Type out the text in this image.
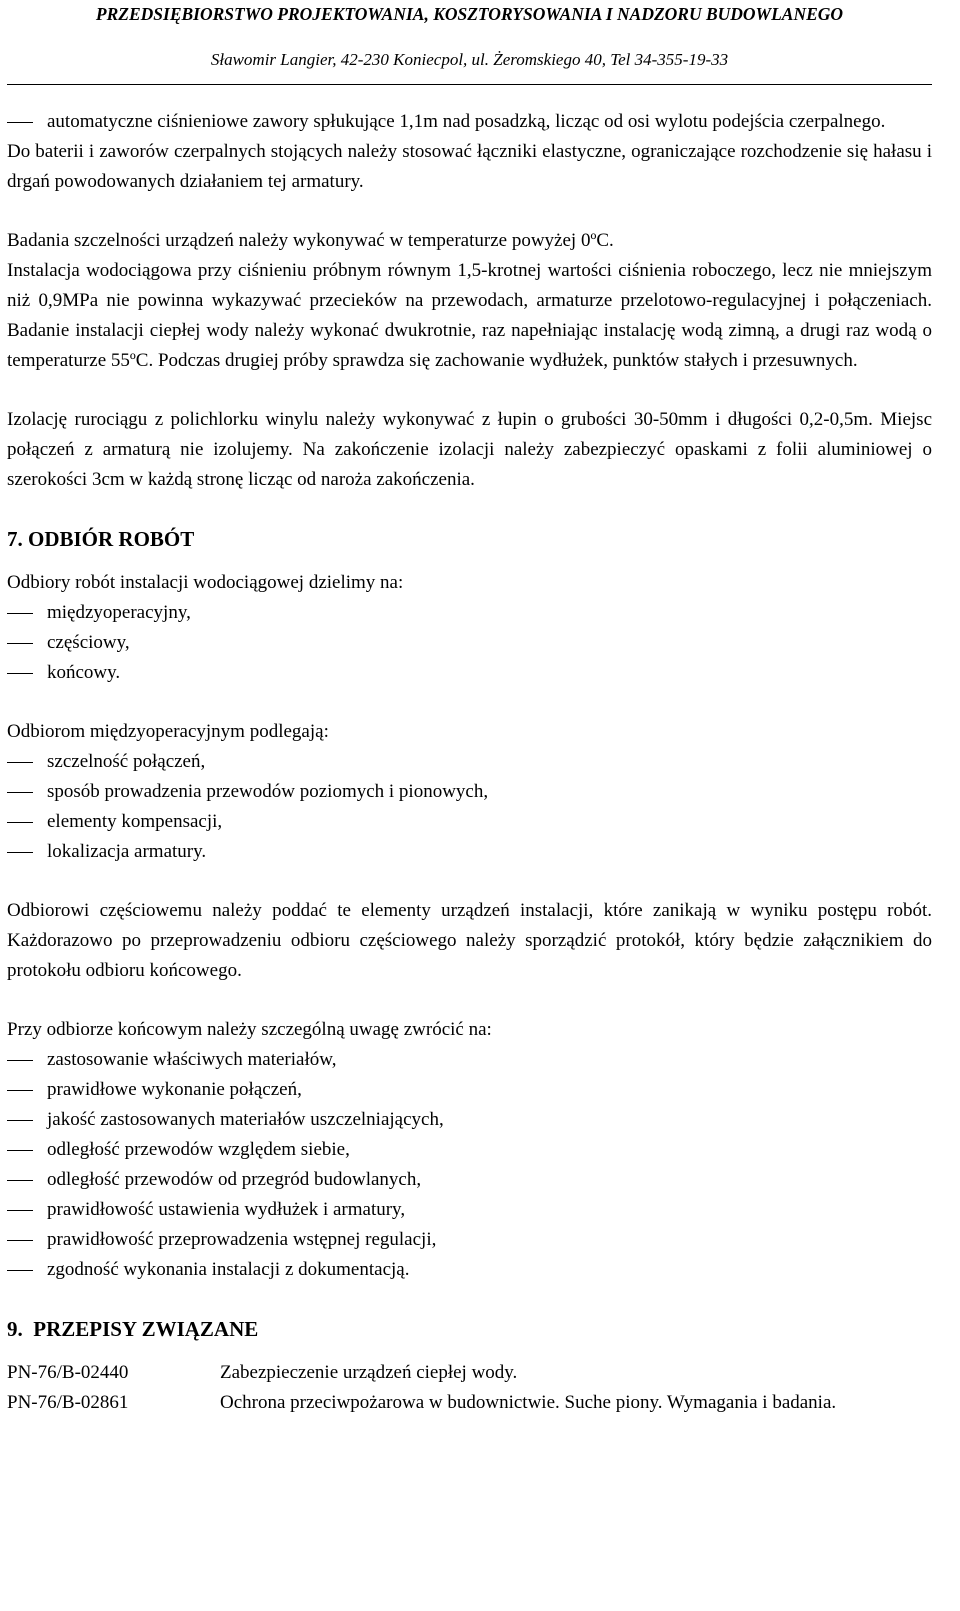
PRZEDSIĘBIORSTWO PROJEKTOWANIA, KOSZTORYSOWANIA I NADZORU BUDOWLANEGO
Sławomir Langier, 42-230 Koniecpol, ul. Żeromskiego 40, Tel 34-355-19-33
automatyczne ciśnieniowe zawory spłukujące 1,1m nad posadzką, licząc od osi wylotu podejścia czerpalnego.
Do baterii i zaworów czerpalnych stojących należy stosować łączniki elastyczne, ograniczające rozchodzenie się hałasu i drgań powodowanych działaniem tej armatury.
Badania szczelności urządzeń należy wykonywać w temperaturze powyżej 0ºC.
Instalacja wodociągowa przy ciśnieniu próbnym równym 1,5-krotnej wartości ciśnienia roboczego, lecz nie mniejszym niż 0,9MPa nie powinna wykazywać przecieków na przewodach, armaturze przelotowo-regulacyjnej i połączeniach. Badanie instalacji ciepłej wody należy wykonać dwukrotnie, raz napełniając instalację wodą zimną, a drugi raz wodą o temperaturze 55ºC. Podczas drugiej próby sprawdza się zachowanie wydłużek, punktów stałych i przesuwnych.
Izolację rurociągu z polichlorku winylu należy wykonywać z łupin o grubości 30-50mm i długości 0,2-0,5m. Miejsc połączeń z armaturą nie izolujemy. Na zakończenie izolacji należy zabezpieczyć opaskami z folii aluminiowej o szerokości 3cm w każdą stronę licząc od naroża zakończenia.
7. ODBIÓR ROBÓT
Odbiory robót instalacji wodociągowej dzielimy na:
międzyoperacyjny,
częściowy,
końcowy.
Odbiorom międzyoperacyjnym podlegają:
szczelność połączeń,
sposób prowadzenia przewodów poziomych i pionowych,
elementy kompensacji,
lokalizacja armatury.
Odbiorowi częściowemu należy poddać te elementy urządzeń instalacji, które zanikają w wyniku postępu robót. Każdorazowo po przeprowadzeniu odbioru częściowego należy sporządzić protokół, który będzie załącznikiem do protokołu odbioru końcowego.
Przy odbiorze końcowym należy szczególną uwagę zwrócić na:
zastosowanie właściwych materiałów,
prawidłowe wykonanie połączeń,
jakość zastosowanych materiałów uszczelniających,
odległość przewodów względem siebie,
odległość przewodów od przegród budowlanych,
prawidłowość ustawienia wydłużek i armatury,
prawidłowość przeprowadzenia wstępnej regulacji,
zgodność wykonania instalacji z dokumentacją.
9.  PRZEPISY ZWIĄZANE
PN-76/B-02440	Zabezpieczenie urządzeń ciepłej wody.
PN-76/B-02861	Ochrona przeciwpożarowa w budownictwie. Suche piony. Wymagania i badania.
